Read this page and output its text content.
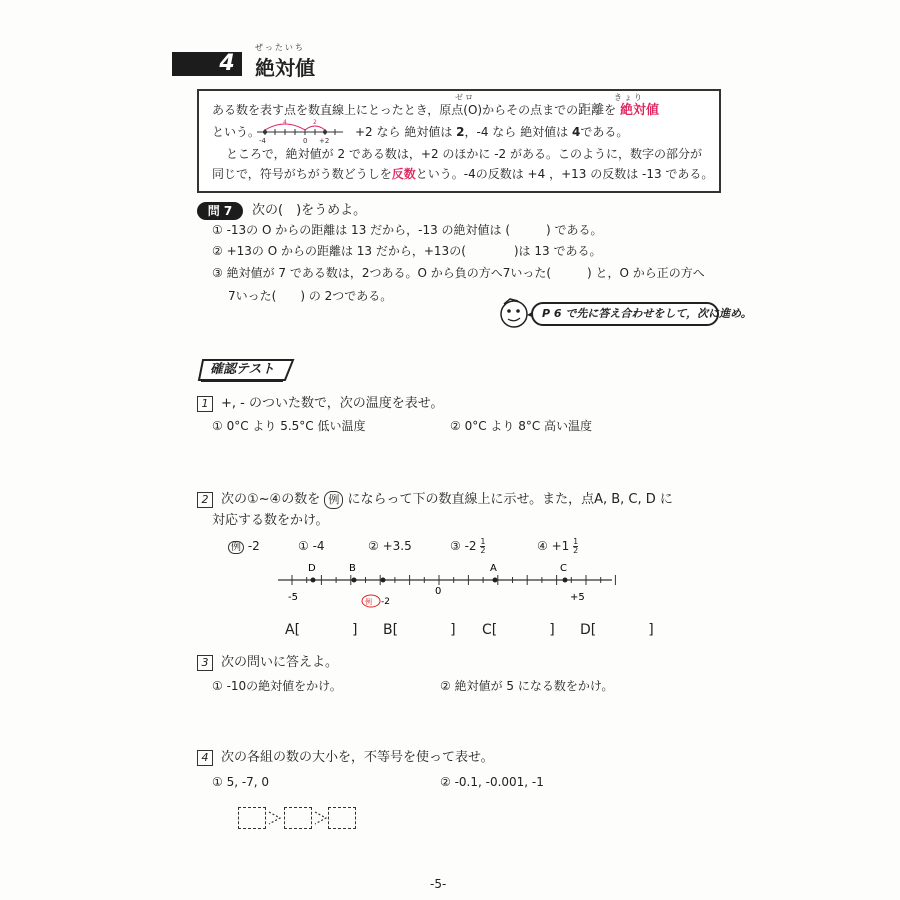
4
ぜったいち
絶対値
ゼロ	きょり
ある数を表す点を数直線上にとったとき，原点(O)からその点までの距離を 絶対値
という。
4	2
-4	0 +2
+2 なら 絶対値は 2，-4 なら 絶対値は 4である。
ところで，絶対値が 2 である数は，+2 のほかに -2 がある。このように，数字の部分が
同じで，符号がちがう数どうしを反数という。-4の反数は +4 ，+13 の反数は -13 である。
問 7	次の(　)をうめよ。
① -13の O からの距離は 13 だから，-13 の絶対値は (　　　) である。
② +13の O からの距離は 13 だから，+13の(　　　　)は 13 である。
③ 絶対値が 7 である数は，2つある。O から負の方へ7いった(　　　) と，O から正の方へ
7いった(　　) の 2つである。
P 6 で先に答え合わせをして，次に進め。
確認テスト
1 +, - のついた数で，次の温度を表せ。
① 0°C より 5.5°C 低い温度	② 0°C より 8°C 高い温度
2 次の①~④の数を 例 にならって下の数直線上に示せ。また，点A, B, C, D に
対応する数をかけ。
例 -2	① -4	② +3.5	③ $-2 \frac{1}{2}$	④ $+1 \frac{1}{2}$
D	B	A	C
-5
0
+5
例 -2
A[	] B[	] C[	] D[	]
3 次の問いに答えよ。
① -10の絶対値をかけ。	② 絶対値が 5 になる数をかけ。
4 次の各組の数の大小を，不等号を使って表せ。
① 5, -7, 0	② -0.1, -0.001, -1
-5-
